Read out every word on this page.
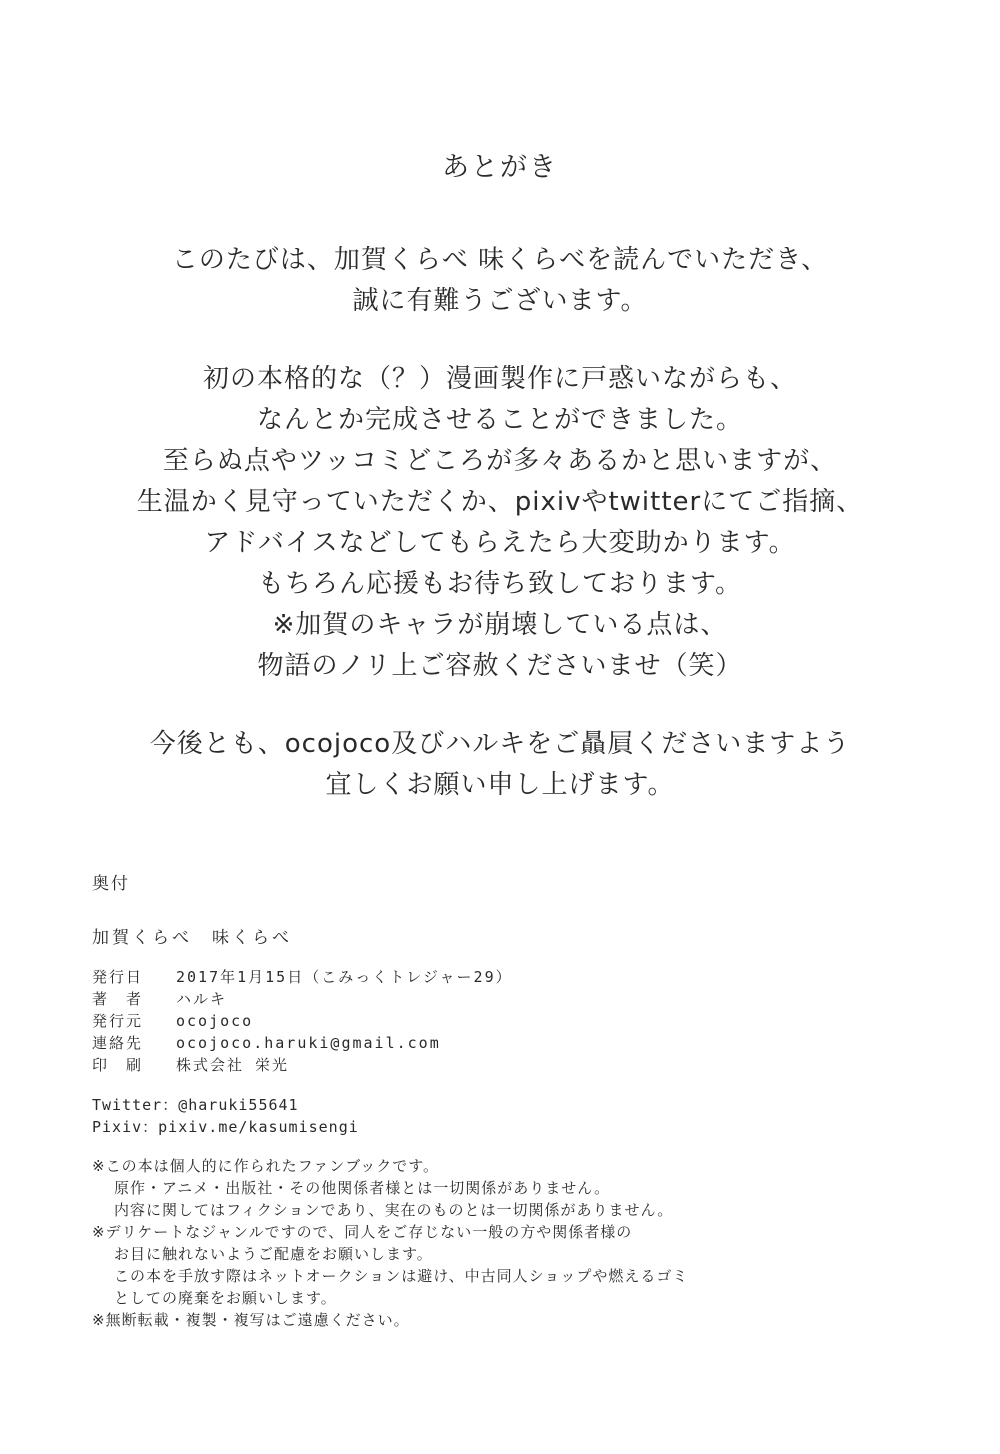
あとがき
このたびは、加賀くらべ 味くらべを読んでいただき、
誠に有難うございます。
初の本格的な（？）漫画製作に戸惑いながらも、
なんとか完成させることができました。
至らぬ点やツッコミどころが多々あるかと思いますが、
生温かく見守っていただくか、pixivやtwitterにてご指摘、
アドバイスなどしてもらえたら大変助かります。
もちろん応援もお待ち致しております。
※加賀のキャラが崩壊している点は、
物語のノリ上ご容赦くださいませ（笑）
今後とも、ocojoco及びハルキをご贔屓くださいますよう
宜しくお願い申し上げます。
奥付
加賀くらべ　味くらべ
発行日	2017年1月15日（こみっくトレジャー29）
著　者	ハルキ
発行元	ocojoco
連絡先	ocojoco.haruki@gmail.com
印　刷	株式会社 栄光
Twitter：@haruki55641
Pixiv：pixiv.me/kasumisengi
※この本は個人的に作られたファンブックです。
原作・アニメ・出版社・その他関係者様とは一切関係がありません。
内容に関してはフィクションであり、実在のものとは一切関係がありません。
※デリケートなジャンルですので、同人をご存じない一般の方や関係者様の
お目に触れないようご配慮をお願いします。
この本を手放す際はネットオークションは避け、中古同人ショップや燃えるゴミ
としての廃棄をお願いします。
※無断転載・複製・複写はご遠慮ください。
